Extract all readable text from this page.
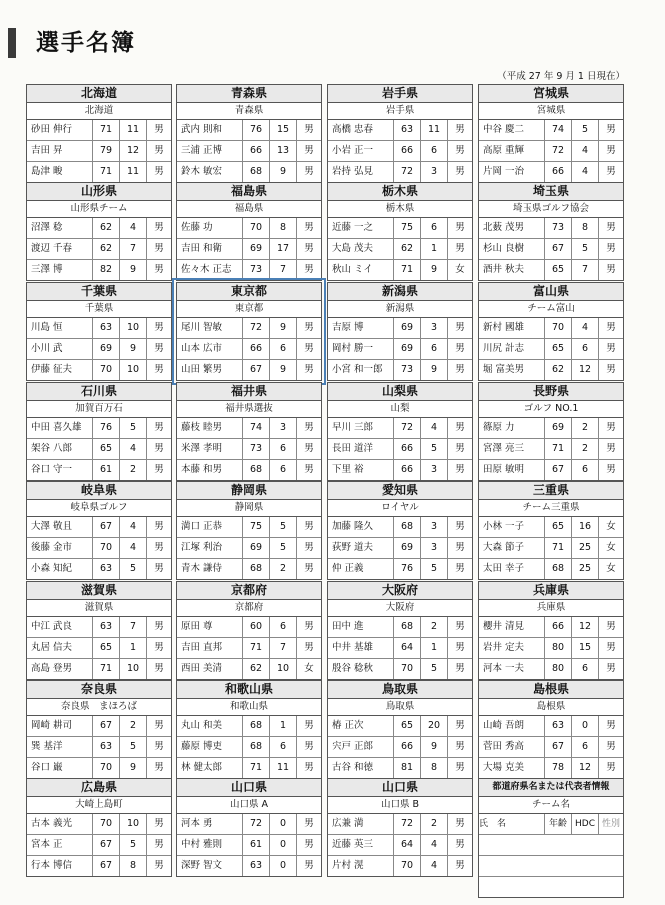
選手名簿
（平成 27 年 9 月 1 日現在）
北海道
北海道
砂田 伸行	71	11	男
吉田 昇	79	12	男
島津 畯	71	11	男
青森県
青森県
武内 則和	76	15	男
三浦 正博	66	13	男
鈴木 敏宏	68	9	男
岩手県
岩手県
高橋 忠春	63	11	男
小岩 正一	66	6	男
岩持 弘見	72	3	男
宮城県
宮城県
中谷 慶二	74	5	男
高原 重輝	72	4	男
片岡 一治	66	4	男
山形県
山形県チーム
沼澤 稔	62	4	男
渡辺 千春	62	7	男
三澤 博	82	9	男
福島県
福島県
佐藤 功	70	8	男
吉田 和衛	69	17	男
佐々木 正志	73	7	男
栃木県
栃木県
近藤 一之	75	6	男
大島 茂夫	62	1	男
秋山 ミイ	71	9	女
埼玉県
埼玉県ゴルフ協会
北薮 茂男	73	8	男
杉山 良樹	67	5	男
酒井 秋夫	65	7	男
千葉県
千葉県
川島 恒	63	10	男
小川 武	69	9	男
伊藤 征夫	70	10	男
東京都
東京都
尾川 智敏	72	9	男
山本 広市	66	6	男
山田 繁男	67	9	男
新潟県
新潟県
吉原 博	69	3	男
岡村 勝一	69	6	男
小宮 和一郎	73	9	男
富山県
チーム富山
新村 國雄	70	4	男
川尻 計志	65	6	男
堀 富美男	62	12	男
石川県
加賀百万石
中田 喜久雄	76	5	男
架谷 八郎	65	4	男
谷口 守一	61	2	男
福井県
福井県選抜
藤枝 睦男	74	3	男
米澤 孝明	73	6	男
本藤 和男	68	6	男
山梨県
山梨
早川 三郎	72	4	男
長田 道洋	66	5	男
下里 裕	66	3	男
長野県
ゴルフ NO.1
篠原 力	69	2	男
宮澤 亮三	71	2	男
田原 敏明	67	6	男
岐阜県
岐阜県ゴルフ
大澤 敬且	67	4	男
後藤 金市	70	4	男
小森 知紀	63	5	男
静岡県
静岡県
満口 正恭	75	5	男
江塚 利治	69	5	男
青木 謙侍	68	2	男
愛知県
ロイヤル
加藤 隆久	68	3	男
荻野 道夫	69	3	男
仲 正義	76	5	男
三重県
チーム三重県
小林 一子	65	16	女
大森 節子	71	25	女
太田 幸子	68	25	女
滋賀県
滋賀県
中江 武良	63	7	男
丸居 信夫	65	1	男
高島 登男	71	10	男
京都府
京都府
原田 尊	60	6	男
吉田 直邦	71	7	男
西田 美清	62	10	女
大阪府
大阪府
田中 進	68	2	男
中井 基雄	64	1	男
殷谷 稔秋	70	5	男
兵庫県
兵庫県
櫻井 清見	66	12	男
岩井 定夫	80	15	男
河本 一夫	80	6	男
奈良県
奈良県　まほろば
岡崎 耕司	67	2	男
巽 基洋	63	5	男
谷口 巌	70	9	男
和歌山県
和歌山県
丸山 和美	68	1	男
藤原 博吏	68	6	男
林 健太郎	71	11	男
鳥取県
鳥取県
椿 正次	65	20	男
宍戸 正郎	66	9	男
古谷 和徳	81	8	男
島根県
島根県
山崎 吾朗	63	0	男
菅田 秀高	67	6	男
大場 克美	78	12	男
広島県
大崎上島町
古本 義光	70	10	男
宮本 正	67	5	男
行本 博信	67	8	男
山口県
山口県 A
河本 勇	72	0	男
中村 雅則	61	0	男
深野 智文	63	0	男
山口県
山口県 B
広兼 満	72	2	男
近藤 英三	64	4	男
片村 滉	70	4	男
都道府県名または代表者情報
チーム名
氏　名	年齢 HDC 性別
